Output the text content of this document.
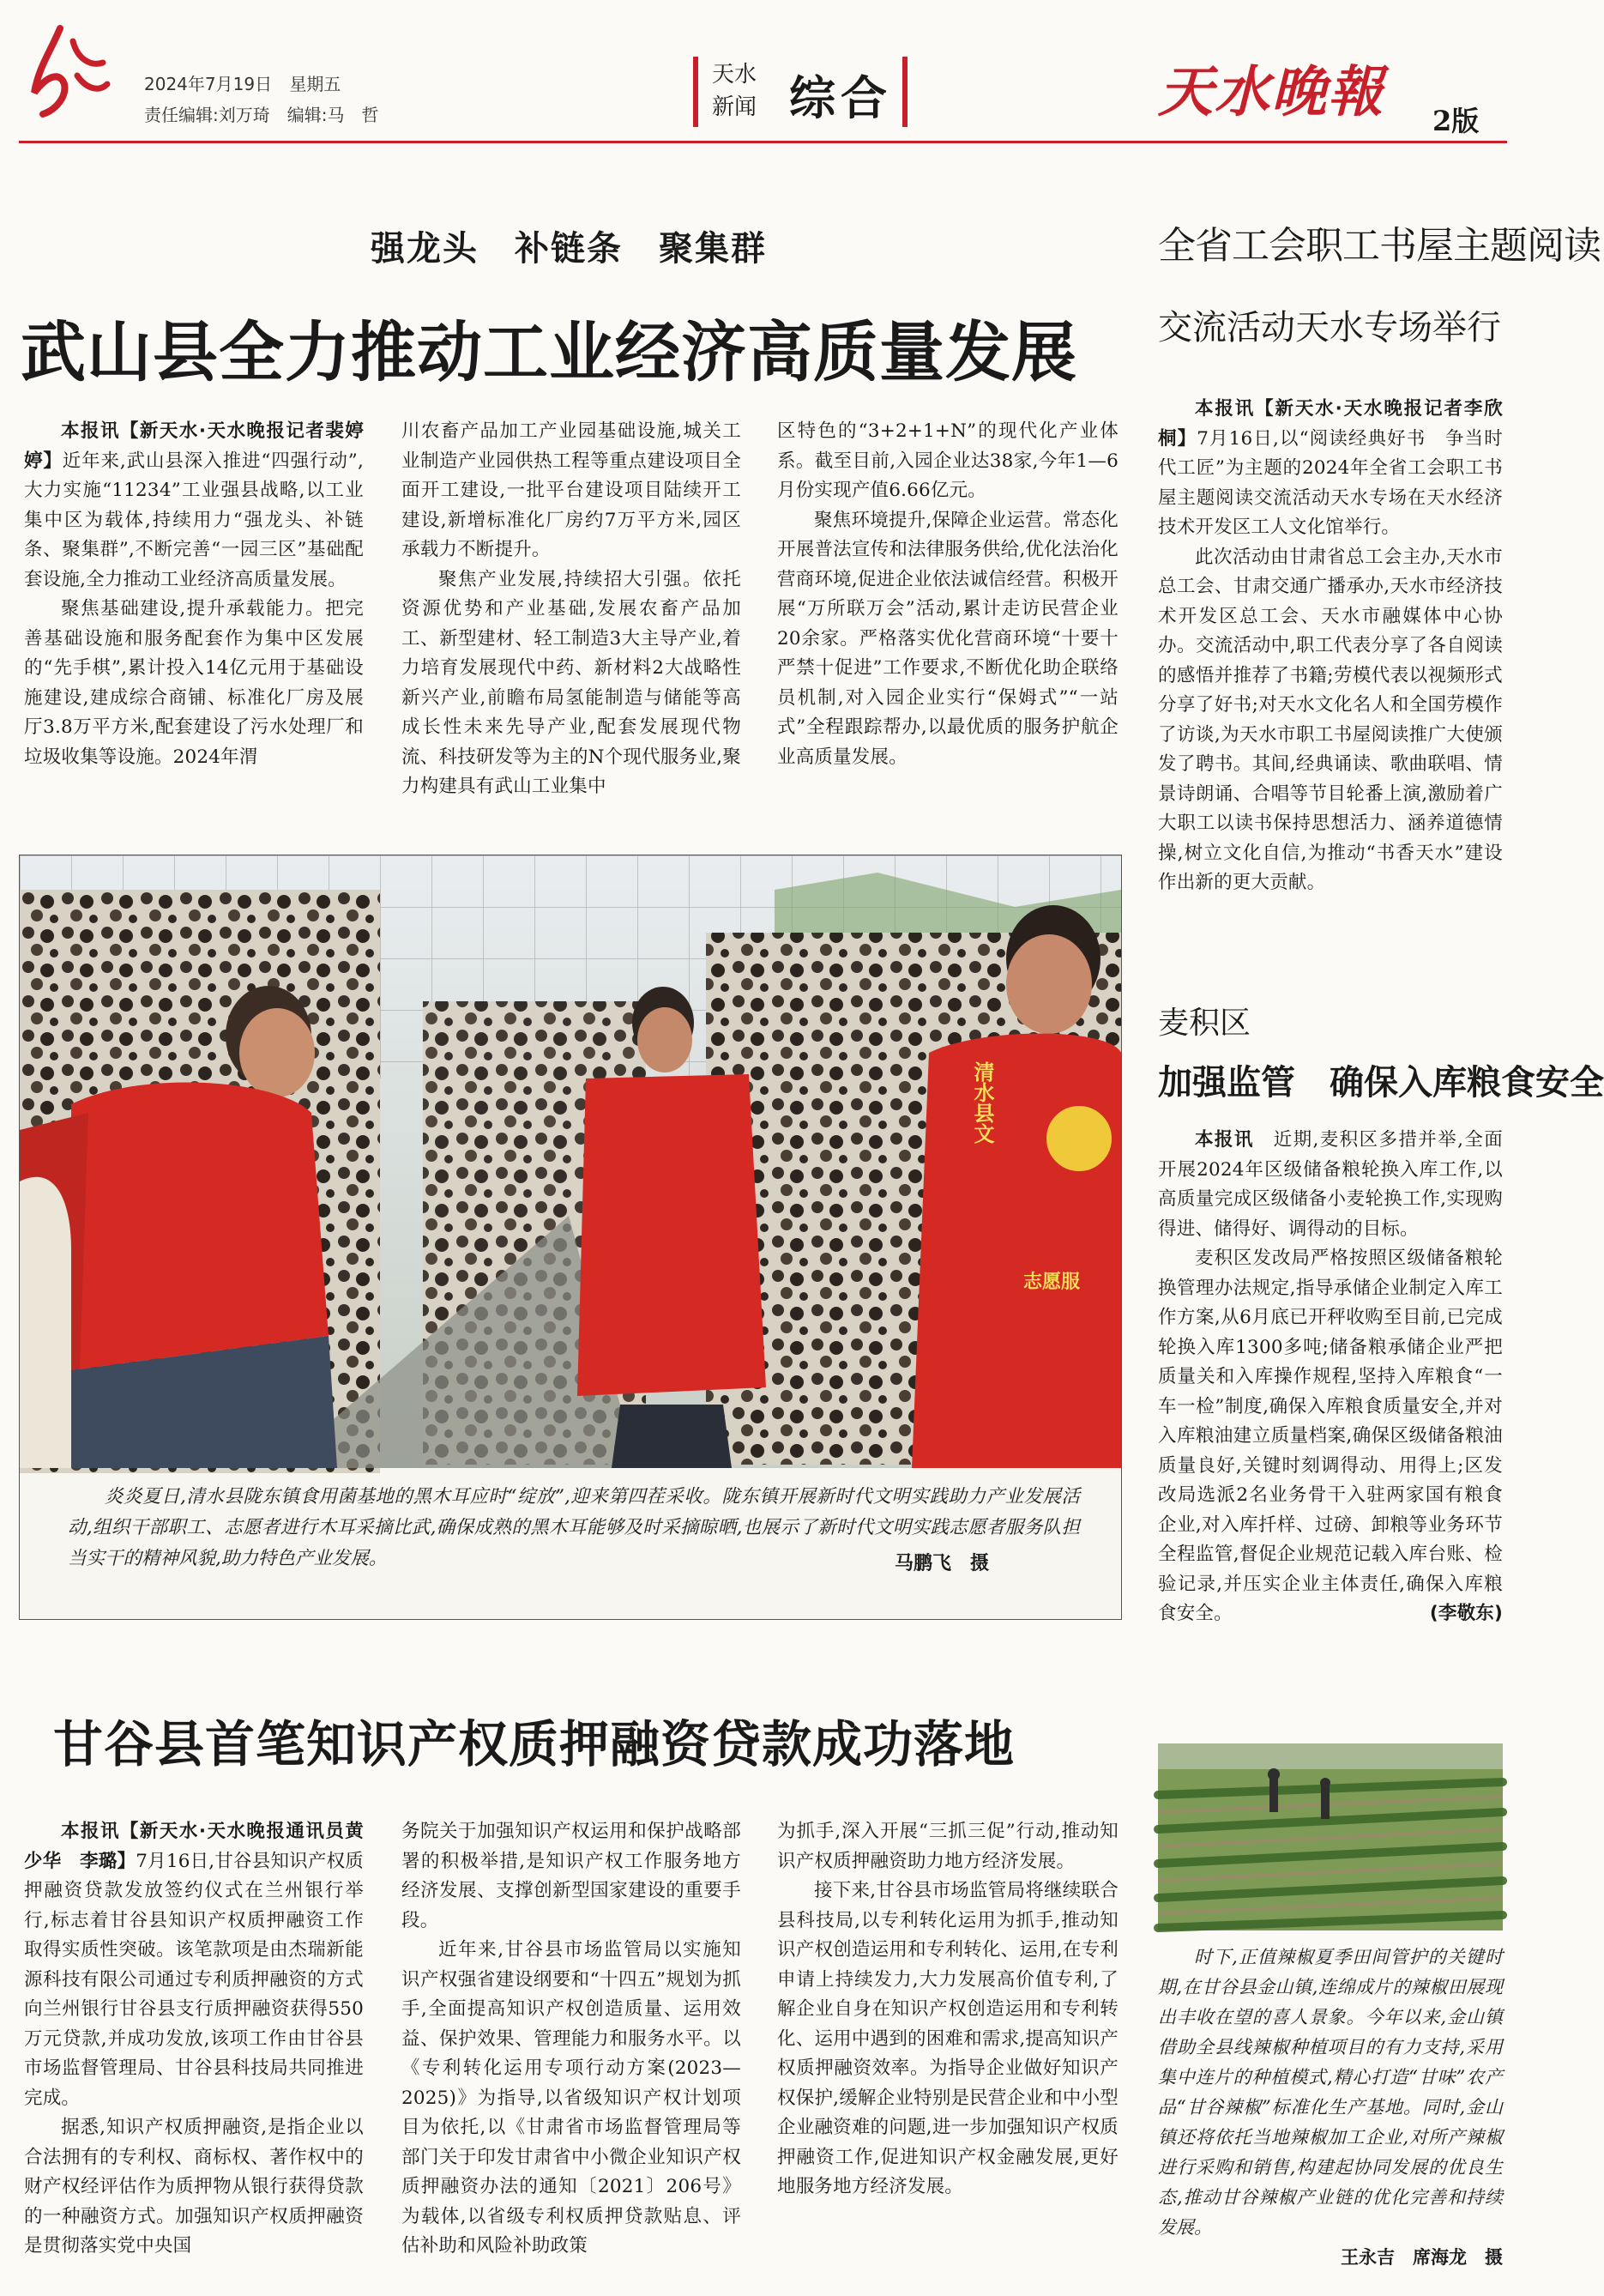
2024年7月19日 星期五
责任编辑:刘万琦　编辑:马　哲
天水
新闻 综合	天水晚報 2版
强龙头　补链条　聚集群
武山县全力推动工业经济高质量发展

本报讯【新天水·天水晚报记者裴婷婷】近年来,武山县深入推进“四强行动”,大力实施“11234”工业强县战略,以工业集中区为载体,持续用力“强龙头、补链条、聚集群”,不断完善“一园三区”基础配套设施,全力推动工业经济高质量发展。

聚焦基础建设,提升承载能力。把完善基础设施和服务配套作为集中区发展的“先手棋”,累计投入14亿元用于基础设施建设,建成综合商铺、标准化厂房及展厅3.8万平方米,配套建设了污水处理厂和垃圾收集等设施。2024年渭

川农畜产品加工产业园基础设施,城关工业制造产业园供热工程等重点建设项目全面开工建设,一批平台建设项目陆续开工建设,新增标准化厂房约7万平方米,园区承载力不断提升。

聚焦产业发展,持续招大引强。依托资源优势和产业基础,发展农畜产品加工、新型建材、轻工制造3大主导产业,着力培育发展现代中药、新材料2大战略性新兴产业,前瞻布局氢能制造与储能等高成长性未来先导产业,配套发展现代物流、科技研发等为主的N个现代服务业,聚力构建具有武山工业集中

区特色的“3+2+1+N”的现代化产业体系。截至目前,入园企业达38家,今年1—6月份实现产值6.66亿元。

聚焦环境提升,保障企业运营。常态化开展普法宣传和法律服务供给,优化法治化营商环境,促进企业依法诚信经营。积极开展“万所联万会”活动,累计走访民营企业20余家。严格落实优化营商环境“十要十严禁十促进”工作要求,不断优化助企联络员机制,对入园企业实行“保姆式”“一站式”全程跟踪帮办,以最优质的服务护航企业高质量发展。

清水县文
志愿服
炎炎夏日,清水县陇东镇食用菌基地的黑木耳应时“绽放”,迎来第四茬采收。陇东镇开展新时代文明实践助力产业发展活动,组织干部职工、志愿者进行木耳采摘比武,确保成熟的黑木耳能够及时采摘晾晒,也展示了新时代文明实践志愿者服务队担当实干的精神风貌,助力特色产业发展。	马鹏飞　摄
甘谷县首笔知识产权质押融资贷款成功落地

本报讯【新天水·天水晚报通讯员黄少华　李璐】7月16日,甘谷县知识产权质押融资贷款发放签约仪式在兰州银行举行,标志着甘谷县知识产权质押融资工作取得实质性突破。该笔款项是由杰瑞新能源科技有限公司通过专利质押融资的方式向兰州银行甘谷县支行质押融资获得550万元贷款,并成功发放,该项工作由甘谷县市场监督管理局、甘谷县科技局共同推进完成。

据悉,知识产权质押融资,是指企业以合法拥有的专利权、商标权、著作权中的财产权经评估作为质押物从银行获得贷款的一种融资方式。加强知识产权质押融资是贯彻落实党中央国

务院关于加强知识产权运用和保护战略部署的积极举措,是知识产权工作服务地方经济发展、支撑创新型国家建设的重要手段。

近年来,甘谷县市场监管局以实施知识产权强省建设纲要和“十四五”规划为抓手,全面提高知识产权创造质量、运用效益、保护效果、管理能力和服务水平。以《专利转化运用专项行动方案(2023—2025)》为指导,以省级知识产权计划项目为依托,以《甘肃省市场监督管理局等部门关于印发甘肃省中小微企业知识产权质押融资办法的通知〔2021〕206号》为载体,以省级专利权质押贷款贴息、评估补助和风险补助政策

为抓手,深入开展“三抓三促”行动,推动知识产权质押融资助力地方经济发展。

接下来,甘谷县市场监管局将继续联合县科技局,以专利转化运用为抓手,推动知识产权创造运用和专利转化、运用,在专利申请上持续发力,大力发展高价值专利,了解企业自身在知识产权创造运用和专利转化、运用中遇到的困难和需求,提高知识产权质押融资效率。为指导企业做好知识产权保护,缓解企业特别是民营企业和中小型企业融资难的问题,进一步加强知识产权质押融资工作,促进知识产权金融发展,更好地服务地方经济发展。

全省工会职工书屋主题阅读
交流活动天水专场举行

本报讯【新天水·天水晚报记者李欣桐】7月16日,以“阅读经典好书　争当时代工匠”为主题的2024年全省工会职工书屋主题阅读交流活动天水专场在天水经济技术开发区工人文化馆举行。

此次活动由甘肃省总工会主办,天水市总工会、甘肃交通广播承办,天水市经济技术开发区总工会、天水市融媒体中心协办。交流活动中,职工代表分享了各自阅读的感悟并推荐了书籍;劳模代表以视频形式分享了好书;对天水文化名人和全国劳模作了访谈,为天水市职工书屋阅读推广大使颁发了聘书。其间,经典诵读、歌曲联唱、情景诗朗诵、合唱等节目轮番上演,激励着广大职工以读书保持思想活力、涵养道德情操,树立文化自信,为推动“书香天水”建设作出新的更大贡献。

麦积区
加强监管　确保入库粮食安全

本报讯　 近期,麦积区多措并举,全面开展2024年区级储备粮轮换入库工作,以高质量完成区级储备小麦轮换工作,实现购得进、储得好、调得动的目标。

麦积区发改局严格按照区级储备粮轮换管理办法规定,指导承储企业制定入库工作方案,从6月底已开秤收购至目前,已完成轮换入库1300多吨;储备粮承储企业严把质量关和入库操作规程,坚持入库粮食“一车一检”制度,确保入库粮食质量安全,并对入库粮油建立质量档案,确保区级储备粮油质量良好,关键时刻调得动、用得上;区发改局选派2名业务骨干入驻两家国有粮食企业,对入库扦样、过磅、卸粮等业务环节全程监管,督促企业规范记载入库台账、检验记录,并压实企业主体责任,确保入库粮食安全。	(李敬东)

时下,正值辣椒夏季田间管护的关键时期,在甘谷县金山镇,连绵成片的辣椒田展现出丰收在望的喜人景象。今年以来,金山镇借助全县线辣椒种植项目的有力支持,采用集中连片的种植模式,精心打造“甘味”农产品“甘谷辣椒”标准化生产基地。同时,金山镇还将依托当地辣椒加工企业,对所产辣椒进行采购和销售,构建起协同发展的优良生态,推动甘谷辣椒产业链的优化完善和持续发展。

王永吉　席海龙　摄
